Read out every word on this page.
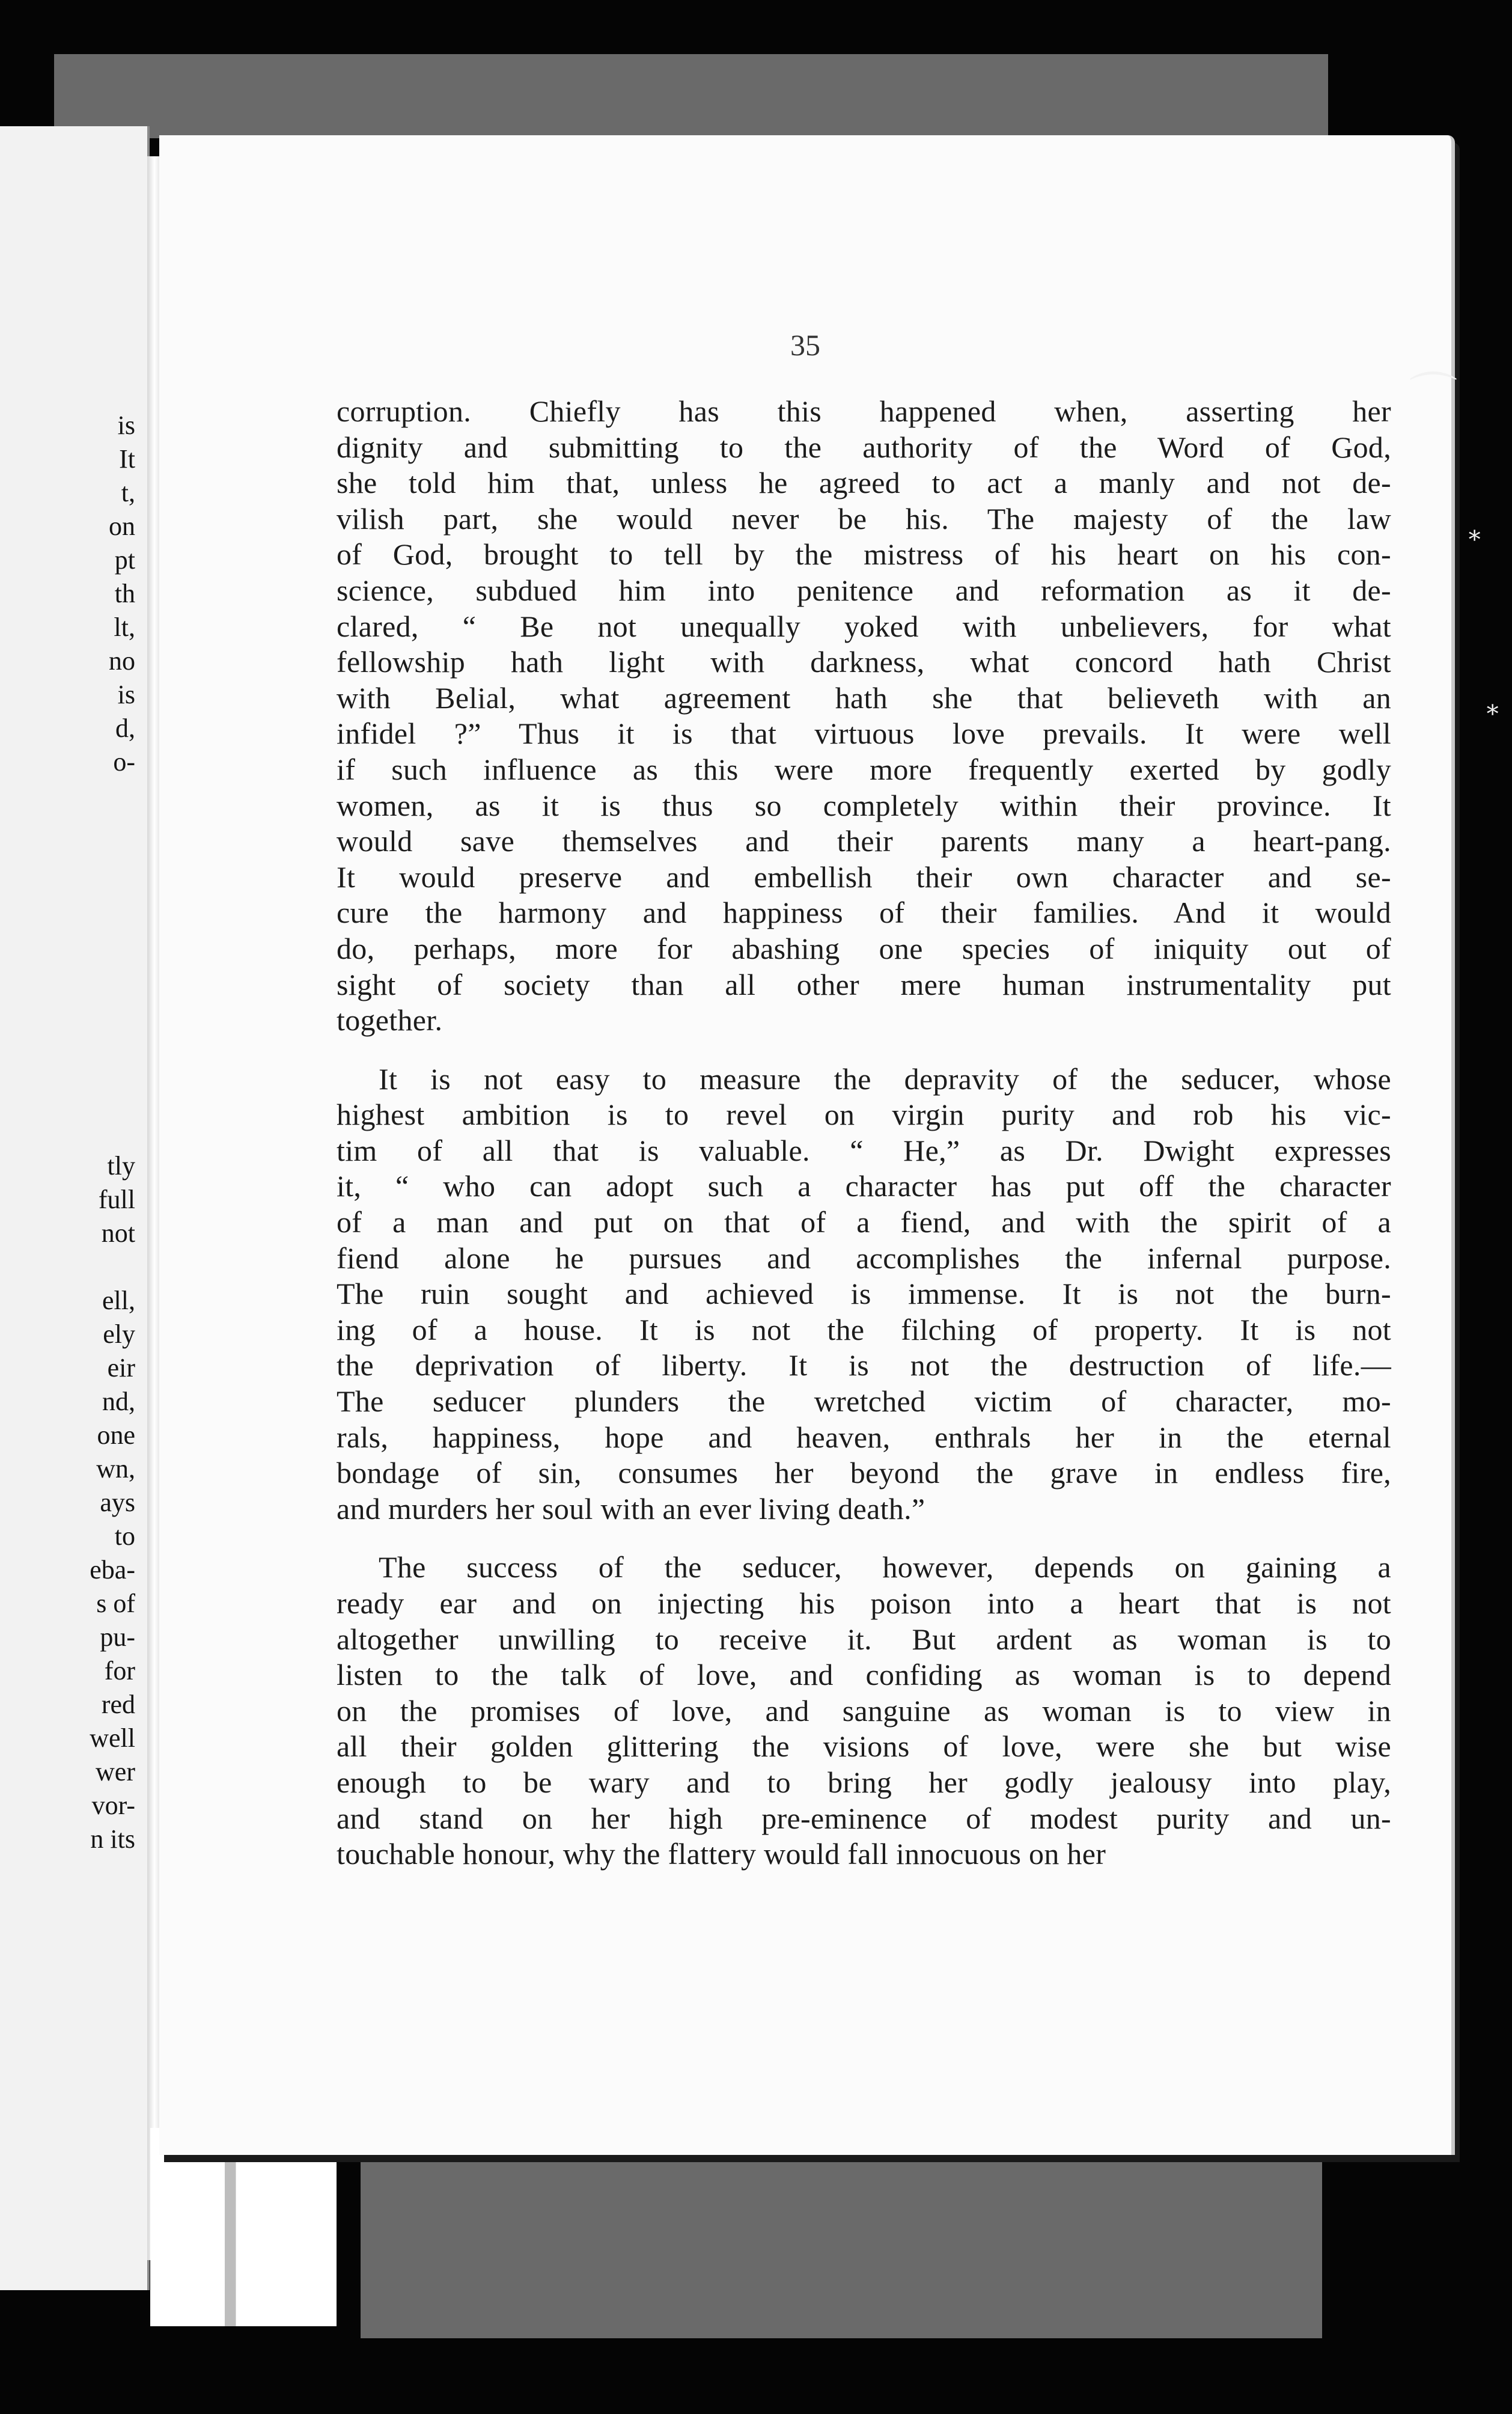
is
It
t,
on
pt
th
lt,
no
is
d,
o-
tly
full
not
ell,
ely
eir
nd,
one
wn,
ays
to
eba-
s of
pu-
for
red
well
wer
vor-
n its
35

corruption. Chiefly has this happened when, asserting her
dignity and submitting to the authority of the Word of God,
she told him that, unless he agreed to act a manly and not de-
vilish part, she would never be his. The majesty of the law
of God, brought to tell by the mistress of his heart on his con-
science, subdued him into penitence and reformation as it de-
clared, “ Be not unequally yoked with unbelievers, for what
fellowship hath light with darkness, what concord hath Christ
with Belial, what agreement hath she that believeth with an
infidel ?” Thus it is that virtuous love prevails. It were well
if such influence as this were more frequently exerted by godly
women, as it is thus so completely within their province. It
would save themselves and their parents many a heart-pang.
It would preserve and embellish their own character and se-
cure the harmony and happiness of their families. And it would
do, perhaps, more for abashing one species of iniquity out of
sight of society than all other mere human instrumentality put
together.

It is not easy to measure the depravity of the seducer, whose
highest ambition is to revel on virgin purity and rob his vic-
tim of all that is valuable. “ He,” as Dr. Dwight expresses
it, “ who can adopt such a character has put off the character
of a man and put on that of a fiend, and with the spirit of a
fiend alone he pursues and accomplishes the infernal purpose.
The ruin sought and achieved is immense. It is not the burn-
ing of a house. It is not the filching of property. It is not
the deprivation of liberty. It is not the destruction of life.—
The seducer plunders the wretched victim of character, mo-
rals, happiness, hope and heaven, enthrals her in the eternal
bondage of sin, consumes her beyond the grave in endless fire,
and murders her soul with an ever living death.”

The success of the seducer, however, depends on gaining a
ready ear and on injecting his poison into a heart that is not
altogether unwilling to receive it. But ardent as woman is to
listen to the talk of love, and confiding as woman is to depend
on the promises of love, and sanguine as woman is to view in
all their golden glittering the visions of love, were she but wise
enough to be wary and to bring her godly jealousy into play,
and stand on her high pre-eminence of modest purity and un-
touchable honour, why the flattery would fall innocuous on her

⌒
∗
∗
